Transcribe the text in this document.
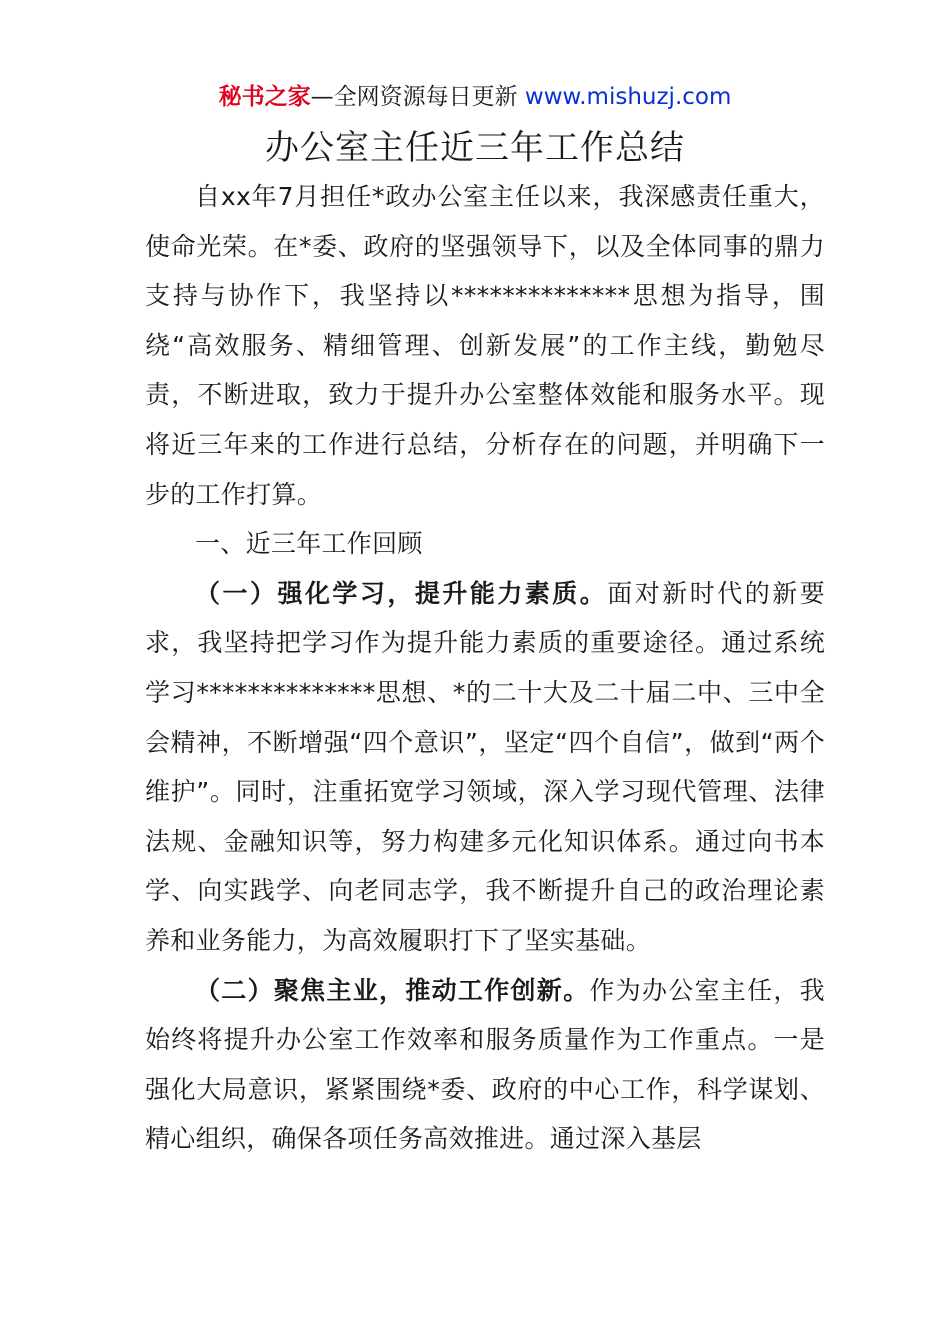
秘书之家—全网资源每日更新 www.mishuzj.com
办公室主任近三年工作总结

自xx年7月担任*政办公室主任以来，我深感责任重大，使命光荣。在*委、政府的坚强领导下，以及全体同事的鼎力支持与协作下，我坚持以**************思想为指导，围绕“高效服务、精细管理、创新发展”的工作主线，勤勉尽责，不断进取，致力于提升办公室整体效能和服务水平。现将近三年来的工作进行总结，分析存在的问题，并明确下一步的工作打算。

一、近三年工作回顾

（一）强化学习，提升能力素质。面对新时代的新要求，我坚持把学习作为提升能力素质的重要途径。通过系统学习**************思想、*的二十大及二十届二中、三中全会精神，不断增强“四个意识”，坚定“四个自信”，做到“两个维护”。同时，注重拓宽学习领域，深入学习现代管理、法律法规、金融知识等，努力构建多元化知识体系。通过向书本学、向实践学、向老同志学，我不断提升自己的政治理论素养和业务能力，为高效履职打下了坚实基础。

（二）聚焦主业，推动工作创新。作为办公室主任，我始终将提升办公室工作效率和服务质量作为工作重点。一是强化大局意识，紧紧围绕*委、政府的中心工作，科学谋划、精心组织，确保各项任务高效推进。通过深入基层
